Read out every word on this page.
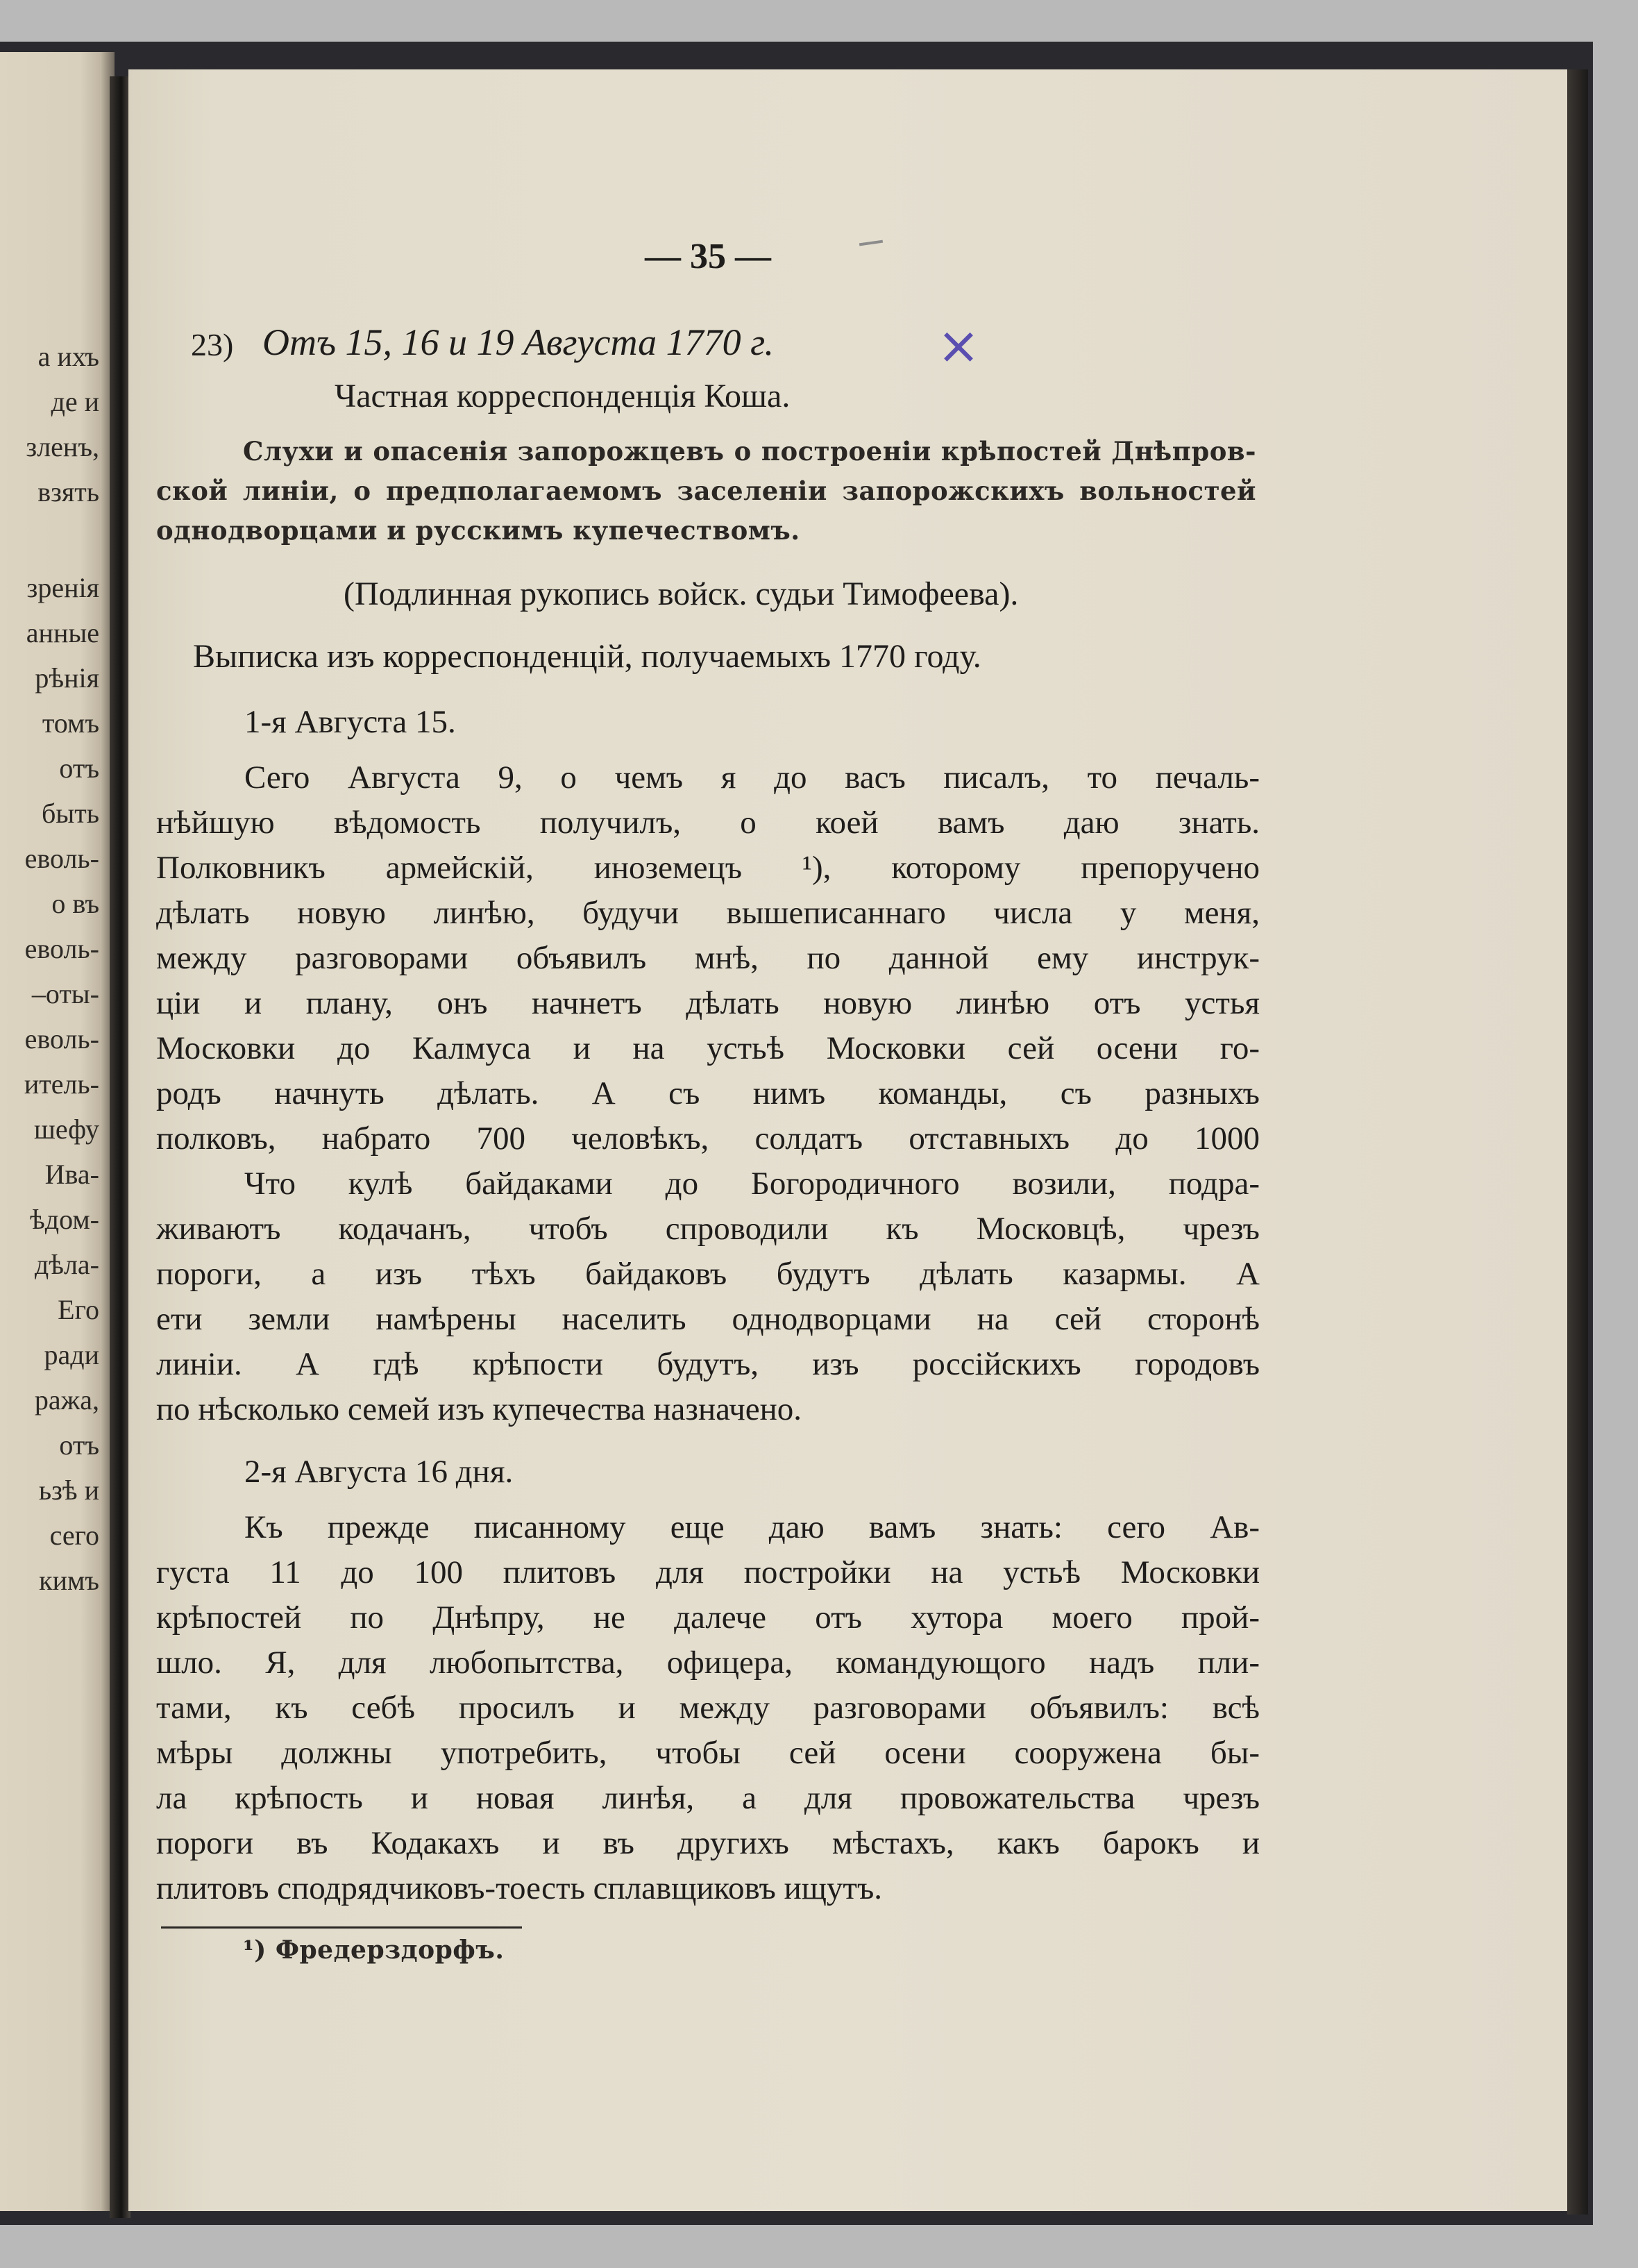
а ихъ
де и
зленъ,
взять
зренія
анные
рѣнія
томъ
отъ
быть
еволь-
о въ
еволь-
–оты-
еволь-
итель-
шефу
Ива-
ѣдом-
дѣла-
Его
ради
ража,
отъ
ьзѣ и
сего
кимъ
— 35 —
23) Отъ 15, 16 и 19 Августа 1770 г.	×
Частная корреспонденція Коша.
Слухи и опасенія запорожцевъ о построеніи крѣпостей Днѣпров-
ской линіи, о предполагаемомъ заселеніи запорожскихъ вольностей
однодворцами и русскимъ купечествомъ.
(Подлинная рукопись войск. судьи Тимофеева).
Выписка изъ корреспонденцій, получаемыхъ 1770 году.
1-я Августа 15.
Сего Августа 9, о чемъ я до васъ писалъ, то печаль-
нѣйшую вѣдомость получилъ, о коей вамъ даю знать.
Полковникъ армейскій, иноземецъ ¹), которому препоручено
дѣлать новую линѣю, будучи вышеписаннаго числа у меня,
между разговорами объявилъ мнѣ, по данной ему инструк-
ціи и плану, онъ начнетъ дѣлать новую линѣю отъ устья
Московки до Калмуса и на устьѣ Московки сей осени го-
родъ начнуть дѣлать. А съ нимъ команды, съ разныхъ
полковъ, набрато 700 человѣкъ, солдатъ отставныхъ до 1000
Что кулѣ байдаками до Богородичного возили, подра-
живаютъ кодачанъ, чтобъ спроводили къ Московцѣ, чрезъ
пороги, а изъ тѣхъ байдаковъ будутъ дѣлать казармы. А
ети земли намѣрены населить однодворцами на сей сторонѣ
линіи. А гдѣ крѣпости будутъ, изъ россійскихъ городовъ
по нѣсколько семей изъ купечества назначено.
2-я Августа 16 дня.
Къ прежде писанному еще даю вамъ знать: сего Ав-
густа 11 до 100 плитовъ для постройки на устьѣ Московки
крѣпостей по Днѣпру, не далече отъ хутора моего прой-
шло. Я, для любопытства, офицера, командующого надъ пли-
тами, къ себѣ просилъ и между разговорами объявилъ: всѣ
мѣры должны употребить, чтобы сей осени сооружена бы-
ла крѣпость и новая линѣя, а для провожательства чрезъ
пороги въ Кодакахъ и въ другихъ мѣстахъ, какъ барокъ и
плитовъ сподрядчиковъ-тоесть сплавщиковъ ищутъ.
¹) Фредерздорфъ.
